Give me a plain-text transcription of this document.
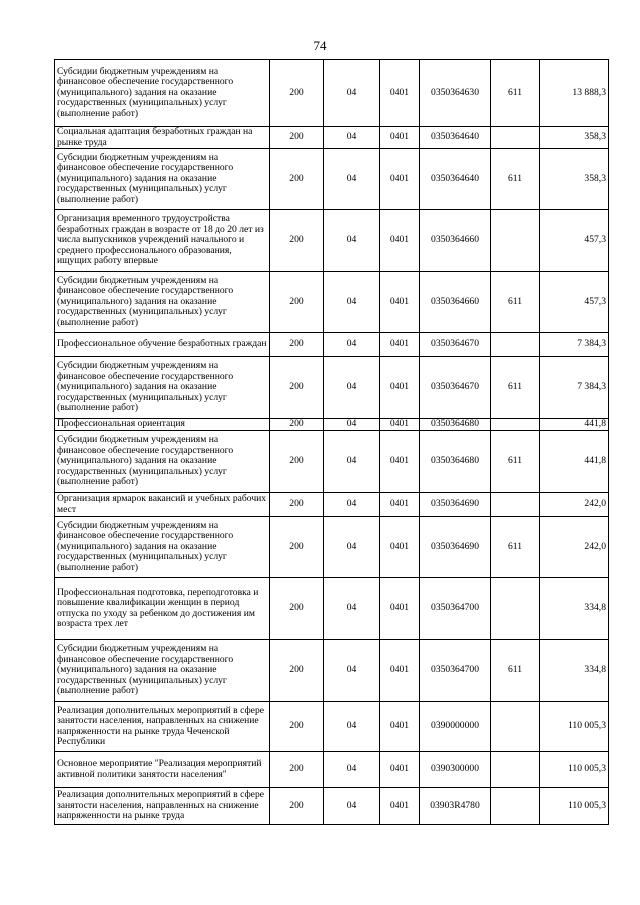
74
Субсидии бюджетным учреждениям на финансовое обеспечение государственного (муниципального) задания на оказание государственных (муниципальных) услуг (выполнение работ)	200	04	0401	0350364630	611	13 888,3
Социальная адаптация безработных граждан на рынке труда	200	04	0401	0350364640		358,3
Субсидии бюджетным учреждениям на финансовое обеспечение государственного (муниципального) задания на оказание государственных (муниципальных) услуг (выполнение работ)	200	04	0401	0350364640	611	358,3
Организация временного трудоустройства безработных граждан в возрасте от 18 до 20 лет из числа выпускников учреждений начального и среднего профессионального образования, ищущих работу впервые	200	04	0401	0350364660		457,3
Субсидии бюджетным учреждениям на финансовое обеспечение государственного (муниципального) задания на оказание государственных (муниципальных) услуг (выполнение работ)	200	04	0401	0350364660	611	457,3
Профессиональное обучение безработных граждан	200	04	0401	0350364670		7 384,3
Субсидии бюджетным учреждениям на финансовое обеспечение государственного (муниципального) задания на оказание государственных (муниципальных) услуг (выполнение работ)	200	04	0401	0350364670	611	7 384,3
Профессиональная ориентация	200	04	0401	0350364680		441,8
Субсидии бюджетным учреждениям на финансовое обеспечение государственного (муниципального) задания на оказание государственных (муниципальных) услуг (выполнение работ)	200	04	0401	0350364680	611	441,8
Организация ярмарок вакансий и учебных рабочих мест	200	04	0401	0350364690		242,0
Субсидии бюджетным учреждениям на финансовое обеспечение государственного (муниципального) задания на оказание государственных (муниципальных) услуг (выполнение работ)	200	04	0401	0350364690	611	242,0
Профессиональная подготовка, переподготовка и повышение квалификации женщин в период отпуска по уходу за ребенком до достижения им возраста трех лет	200	04	0401	0350364700		334,8
Субсидии бюджетным учреждениям на финансовое обеспечение государственного (муниципального) задания на оказание государственных (муниципальных) услуг (выполнение работ)	200	04	0401	0350364700	611	334,8
Реализация дополнительных мероприятий в сфере занятости населения, направленных на снижение напряженности на рынке труда Чеченской Республики	200	04	0401	0390000000		110 005,3
Основное мероприятие "Реализация мероприятий активной политики занятости населения"	200	04	0401	0390300000		110 005,3
Реализация дополнительных мероприятий в сфере занятости населения, направленных на снижение напряженности на рынке труда	200	04	0401	03903R4780		110 005,3
